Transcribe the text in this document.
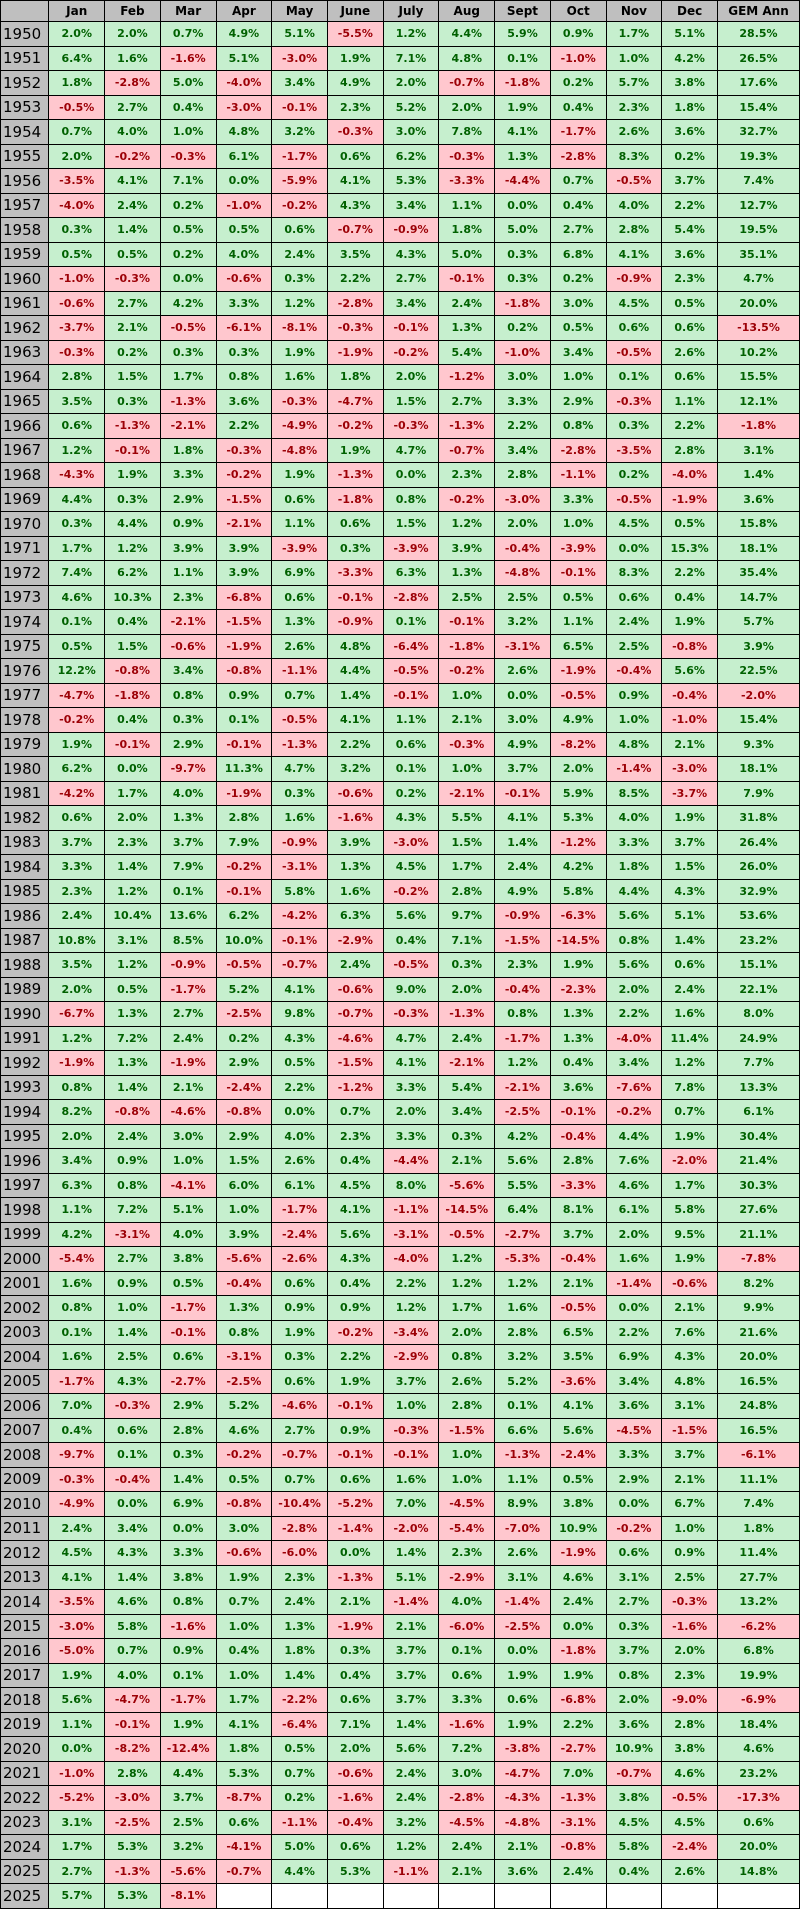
	Jan	Feb	Mar	Apr	May	June	July	Aug	Sept	Oct	Nov	Dec	GEM Ann
1950	2.0%	2.0%	0.7%	4.9%	5.1%	-5.5%	1.2%	4.4%	5.9%	0.9%	1.7%	5.1%	28.5%
1951	6.4%	1.6%	-1.6%	5.1%	-3.0%	1.9%	7.1%	4.8%	0.1%	-1.0%	1.0%	4.2%	26.5%
1952	1.8%	-2.8%	5.0%	-4.0%	3.4%	4.9%	2.0%	-0.7%	-1.8%	0.2%	5.7%	3.8%	17.6%
1953	-0.5%	2.7%	0.4%	-3.0%	-0.1%	2.3%	5.2%	2.0%	1.9%	0.4%	2.3%	1.8%	15.4%
1954	0.7%	4.0%	1.0%	4.8%	3.2%	-0.3%	3.0%	7.8%	4.1%	-1.7%	2.6%	3.6%	32.7%
1955	2.0%	-0.2%	-0.3%	6.1%	-1.7%	0.6%	6.2%	-0.3%	1.3%	-2.8%	8.3%	0.2%	19.3%
1956	-3.5%	4.1%	7.1%	0.0%	-5.9%	4.1%	5.3%	-3.3%	-4.4%	0.7%	-0.5%	3.7%	7.4%
1957	-4.0%	2.4%	0.2%	-1.0%	-0.2%	4.3%	3.4%	1.1%	0.0%	0.4%	4.0%	2.2%	12.7%
1958	0.3%	1.4%	0.5%	0.5%	0.6%	-0.7%	-0.9%	1.8%	5.0%	2.7%	2.8%	5.4%	19.5%
1959	0.5%	0.5%	0.2%	4.0%	2.4%	3.5%	4.3%	5.0%	0.3%	6.8%	4.1%	3.6%	35.1%
1960	-1.0%	-0.3%	0.0%	-0.6%	0.3%	2.2%	2.7%	-0.1%	0.3%	0.2%	-0.9%	2.3%	4.7%
1961	-0.6%	2.7%	4.2%	3.3%	1.2%	-2.8%	3.4%	2.4%	-1.8%	3.0%	4.5%	0.5%	20.0%
1962	-3.7%	2.1%	-0.5%	-6.1%	-8.1%	-0.3%	-0.1%	1.3%	0.2%	0.5%	0.6%	0.6%	-13.5%
1963	-0.3%	0.2%	0.3%	0.3%	1.9%	-1.9%	-0.2%	5.4%	-1.0%	3.4%	-0.5%	2.6%	10.2%
1964	2.8%	1.5%	1.7%	0.8%	1.6%	1.8%	2.0%	-1.2%	3.0%	1.0%	0.1%	0.6%	15.5%
1965	3.5%	0.3%	-1.3%	3.6%	-0.3%	-4.7%	1.5%	2.7%	3.3%	2.9%	-0.3%	1.1%	12.1%
1966	0.6%	-1.3%	-2.1%	2.2%	-4.9%	-0.2%	-0.3%	-1.3%	2.2%	0.8%	0.3%	2.2%	-1.8%
1967	1.2%	-0.1%	1.8%	-0.3%	-4.8%	1.9%	4.7%	-0.7%	3.4%	-2.8%	-3.5%	2.8%	3.1%
1968	-4.3%	1.9%	3.3%	-0.2%	1.9%	-1.3%	0.0%	2.3%	2.8%	-1.1%	0.2%	-4.0%	1.4%
1969	4.4%	0.3%	2.9%	-1.5%	0.6%	-1.8%	0.8%	-0.2%	-3.0%	3.3%	-0.5%	-1.9%	3.6%
1970	0.3%	4.4%	0.9%	-2.1%	1.1%	0.6%	1.5%	1.2%	2.0%	1.0%	4.5%	0.5%	15.8%
1971	1.7%	1.2%	3.9%	3.9%	-3.9%	0.3%	-3.9%	3.9%	-0.4%	-3.9%	0.0%	15.3%	18.1%
1972	7.4%	6.2%	1.1%	3.9%	6.9%	-3.3%	6.3%	1.3%	-4.8%	-0.1%	8.3%	2.2%	35.4%
1973	4.6%	10.3%	2.3%	-6.8%	0.6%	-0.1%	-2.8%	2.5%	2.5%	0.5%	0.6%	0.4%	14.7%
1974	0.1%	0.4%	-2.1%	-1.5%	1.3%	-0.9%	0.1%	-0.1%	3.2%	1.1%	2.4%	1.9%	5.7%
1975	0.5%	1.5%	-0.6%	-1.9%	2.6%	4.8%	-6.4%	-1.8%	-3.1%	6.5%	2.5%	-0.8%	3.9%
1976	12.2%	-0.8%	3.4%	-0.8%	-1.1%	4.4%	-0.5%	-0.2%	2.6%	-1.9%	-0.4%	5.6%	22.5%
1977	-4.7%	-1.8%	0.8%	0.9%	0.7%	1.4%	-0.1%	1.0%	0.0%	-0.5%	0.9%	-0.4%	-2.0%
1978	-0.2%	0.4%	0.3%	0.1%	-0.5%	4.1%	1.1%	2.1%	3.0%	4.9%	1.0%	-1.0%	15.4%
1979	1.9%	-0.1%	2.9%	-0.1%	-1.3%	2.2%	0.6%	-0.3%	4.9%	-8.2%	4.8%	2.1%	9.3%
1980	6.2%	0.0%	-9.7%	11.3%	4.7%	3.2%	0.1%	1.0%	3.7%	2.0%	-1.4%	-3.0%	18.1%
1981	-4.2%	1.7%	4.0%	-1.9%	0.3%	-0.6%	0.2%	-2.1%	-0.1%	5.9%	8.5%	-3.7%	7.9%
1982	0.6%	2.0%	1.3%	2.8%	1.6%	-1.6%	4.3%	5.5%	4.1%	5.3%	4.0%	1.9%	31.8%
1983	3.7%	2.3%	3.7%	7.9%	-0.9%	3.9%	-3.0%	1.5%	1.4%	-1.2%	3.3%	3.7%	26.4%
1984	3.3%	1.4%	7.9%	-0.2%	-3.1%	1.3%	4.5%	1.7%	2.4%	4.2%	1.8%	1.5%	26.0%
1985	2.3%	1.2%	0.1%	-0.1%	5.8%	1.6%	-0.2%	2.8%	4.9%	5.8%	4.4%	4.3%	32.9%
1986	2.4%	10.4%	13.6%	6.2%	-4.2%	6.3%	5.6%	9.7%	-0.9%	-6.3%	5.6%	5.1%	53.6%
1987	10.8%	3.1%	8.5%	10.0%	-0.1%	-2.9%	0.4%	7.1%	-1.5%	-14.5%	0.8%	1.4%	23.2%
1988	3.5%	1.2%	-0.9%	-0.5%	-0.7%	2.4%	-0.5%	0.3%	2.3%	1.9%	5.6%	0.6%	15.1%
1989	2.0%	0.5%	-1.7%	5.2%	4.1%	-0.6%	9.0%	2.0%	-0.4%	-2.3%	2.0%	2.4%	22.1%
1990	-6.7%	1.3%	2.7%	-2.5%	9.8%	-0.7%	-0.3%	-1.3%	0.8%	1.3%	2.2%	1.6%	8.0%
1991	1.2%	7.2%	2.4%	0.2%	4.3%	-4.6%	4.7%	2.4%	-1.7%	1.3%	-4.0%	11.4%	24.9%
1992	-1.9%	1.3%	-1.9%	2.9%	0.5%	-1.5%	4.1%	-2.1%	1.2%	0.4%	3.4%	1.2%	7.7%
1993	0.8%	1.4%	2.1%	-2.4%	2.2%	-1.2%	3.3%	5.4%	-2.1%	3.6%	-7.6%	7.8%	13.3%
1994	8.2%	-0.8%	-4.6%	-0.8%	0.0%	0.7%	2.0%	3.4%	-2.5%	-0.1%	-0.2%	0.7%	6.1%
1995	2.0%	2.4%	3.0%	2.9%	4.0%	2.3%	3.3%	0.3%	4.2%	-0.4%	4.4%	1.9%	30.4%
1996	3.4%	0.9%	1.0%	1.5%	2.6%	0.4%	-4.4%	2.1%	5.6%	2.8%	7.6%	-2.0%	21.4%
1997	6.3%	0.8%	-4.1%	6.0%	6.1%	4.5%	8.0%	-5.6%	5.5%	-3.3%	4.6%	1.7%	30.3%
1998	1.1%	7.2%	5.1%	1.0%	-1.7%	4.1%	-1.1%	-14.5%	6.4%	8.1%	6.1%	5.8%	27.6%
1999	4.2%	-3.1%	4.0%	3.9%	-2.4%	5.6%	-3.1%	-0.5%	-2.7%	3.7%	2.0%	9.5%	21.1%
2000	-5.4%	2.7%	3.8%	-5.6%	-2.6%	4.3%	-4.0%	1.2%	-5.3%	-0.4%	1.6%	1.9%	-7.8%
2001	1.6%	0.9%	0.5%	-0.4%	0.6%	0.4%	2.2%	1.2%	1.2%	2.1%	-1.4%	-0.6%	8.2%
2002	0.8%	1.0%	-1.7%	1.3%	0.9%	0.9%	1.2%	1.7%	1.6%	-0.5%	0.0%	2.1%	9.9%
2003	0.1%	1.4%	-0.1%	0.8%	1.9%	-0.2%	-3.4%	2.0%	2.8%	6.5%	2.2%	7.6%	21.6%
2004	1.6%	2.5%	0.6%	-3.1%	0.3%	2.2%	-2.9%	0.8%	3.2%	3.5%	6.9%	4.3%	20.0%
2005	-1.7%	4.3%	-2.7%	-2.5%	0.6%	1.9%	3.7%	2.6%	5.2%	-3.6%	3.4%	4.8%	16.5%
2006	7.0%	-0.3%	2.9%	5.2%	-4.6%	-0.1%	1.0%	2.8%	0.1%	4.1%	3.6%	3.1%	24.8%
2007	0.4%	0.6%	2.8%	4.6%	2.7%	0.9%	-0.3%	-1.5%	6.6%	5.6%	-4.5%	-1.5%	16.5%
2008	-9.7%	0.1%	0.3%	-0.2%	-0.7%	-0.1%	-0.1%	1.0%	-1.3%	-2.4%	3.3%	3.7%	-6.1%
2009	-0.3%	-0.4%	1.4%	0.5%	0.7%	0.6%	1.6%	1.0%	1.1%	0.5%	2.9%	2.1%	11.1%
2010	-4.9%	0.0%	6.9%	-0.8%	-10.4%	-5.2%	7.0%	-4.5%	8.9%	3.8%	0.0%	6.7%	7.4%
2011	2.4%	3.4%	0.0%	3.0%	-2.8%	-1.4%	-2.0%	-5.4%	-7.0%	10.9%	-0.2%	1.0%	1.8%
2012	4.5%	4.3%	3.3%	-0.6%	-6.0%	0.0%	1.4%	2.3%	2.6%	-1.9%	0.6%	0.9%	11.4%
2013	4.1%	1.4%	3.8%	1.9%	2.3%	-1.3%	5.1%	-2.9%	3.1%	4.6%	3.1%	2.5%	27.7%
2014	-3.5%	4.6%	0.8%	0.7%	2.4%	2.1%	-1.4%	4.0%	-1.4%	2.4%	2.7%	-0.3%	13.2%
2015	-3.0%	5.8%	-1.6%	1.0%	1.3%	-1.9%	2.1%	-6.0%	-2.5%	0.0%	0.3%	-1.6%	-6.2%
2016	-5.0%	0.7%	0.9%	0.4%	1.8%	0.3%	3.7%	0.1%	0.0%	-1.8%	3.7%	2.0%	6.8%
2017	1.9%	4.0%	0.1%	1.0%	1.4%	0.4%	3.7%	0.6%	1.9%	1.9%	0.8%	2.3%	19.9%
2018	5.6%	-4.7%	-1.7%	1.7%	-2.2%	0.6%	3.7%	3.3%	0.6%	-6.8%	2.0%	-9.0%	-6.9%
2019	1.1%	-0.1%	1.9%	4.1%	-6.4%	7.1%	1.4%	-1.6%	1.9%	2.2%	3.6%	2.8%	18.4%
2020	0.0%	-8.2%	-12.4%	1.8%	0.5%	2.0%	5.6%	7.2%	-3.8%	-2.7%	10.9%	3.8%	4.6%
2021	-1.0%	2.8%	4.4%	5.3%	0.7%	-0.6%	2.4%	3.0%	-4.7%	7.0%	-0.7%	4.6%	23.2%
2022	-5.2%	-3.0%	3.7%	-8.7%	0.2%	-1.6%	2.4%	-2.8%	-4.3%	-1.3%	3.8%	-0.5%	-17.3%
2023	3.1%	-2.5%	2.5%	0.6%	-1.1%	-0.4%	3.2%	-4.5%	-4.8%	-3.1%	4.5%	4.5%	0.6%
2024	1.7%	5.3%	3.2%	-4.1%	5.0%	0.6%	1.2%	2.4%	2.1%	-0.8%	5.8%	-2.4%	20.0%
2025	2.7%	-1.3%	-5.6%	-0.7%	4.4%	5.3%	-1.1%	2.1%	3.6%	2.4%	0.4%	2.6%	14.8%
2025	5.7%	5.3%	-8.1%										
